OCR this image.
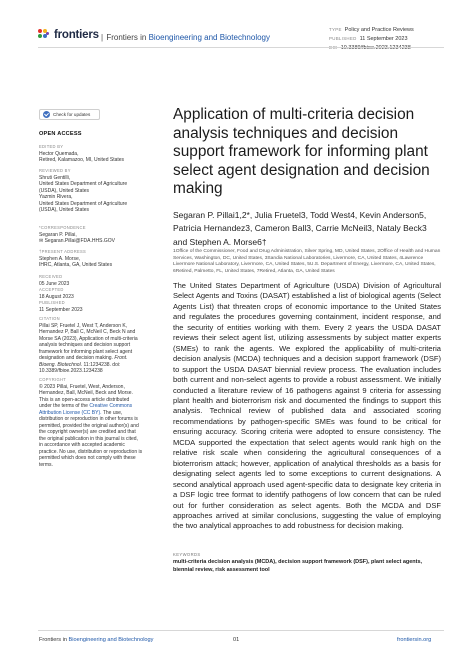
frontiers | Frontiers in Bioengineering and Biotechnology
TYPE Policy and Practice Reviews
PUBLISHED 11 September 2023
Check for updates
OPEN ACCESS
EDITED BY
Hector Quemada,
Retired, Kalamazoo, MI, United States
REVIEWED BY
Shruti Gentilli,
United States Department of Agriculture
(USDA), United States
Yazmin Rivera,
United States Department of Agriculture
(USDA), United States
*CORRESPONDENCE
Segaran P. Pillai,
✉ Segaran.Pillai@FDA.HHS.GOV
†PRESENT ADDRESS
Stephen A. Morse,
IHRC, Atlanta, GA, United States
RECEIVED
05 June 2023
ACCEPTED
18 August 2023
PUBLISHED
11 September 2023
CITATION
Pillai SP, Fruetel J, West T, Anderson K, Hernandez P, Ball C, McNeil C, Beck N and Morse SA (2023), Application of multi-criteria analysis techniques and decision support framework for informing plant select agent designation and decision making. Front. Bioeng. Biotechnol. 11:1234238. doi: 10.3389/fbioe.2023.1234238
COPYRIGHT
© 2023 Pillai, Fruetel, West, Anderson, Hernandez, Ball, McNeil, Beck and Morse. This is an open-access article distributed under the terms of the Creative Commons Attribution License (CC BY). The use, distribution or reproduction in other forums is permitted, provided the original author(s) and the copyright owner(s) are credited and that the original publication in this journal is cited, in accordance with accepted academic practice. No use, distribution or reproduction is permitted which does not comply with these terms.
Application of multi-criteria decision analysis techniques and decision support framework for informing plant select agent designation and decision making
Segaran P. Pillai1,2*, Julia Fruetel3, Todd West4, Kevin Anderson5, Patricia Hernandez3, Cameron Ball3, Carrie McNeil3, Nataly Beck3 and Stephen A. Morse6†
1Office of the Commissioner, Food and Drug Administration, Silver Spring, MD, United States, 2Office of Health and Human Services, Washington, DC, United States, 3Sandia National Laboratories, Livermore, CA, United States, 4Lawrence Livermore National Laboratory, Livermore, CA, United States, 5U.S. Department of Energy, Livermore, CA, United States, 6Retired, Palmetto, FL, United States, 7Retired, Atlanta, GA, United States
The United States Department of Agriculture (USDA) Division of Agricultural Select Agents and Toxins (DASAT) established a list of biological agents (Select Agents List) that threaten crops of economic importance to the United States and regulates the procedures governing containment, incident response, and the security of entities working with them. Every 2 years the USDA DASAT reviews their select agent list, utilizing assessments by subject matter experts (SMEs) to rank the agents. We explored the applicability of multi-criteria decision analysis (MCDA) techniques and a decision support framework (DSF) to support the USDA DASAT biennial review process. The evaluation includes both current and non-select agents to provide a robust assessment. We initially conducted a literature review of 16 pathogens against 9 criteria for assessing plant health and bioterrorism risk and documented the findings to support this analysis. Technical review of published data and associated scoring recommendations by pathogen-specific SMEs was found to be critical for ensuring accuracy. Scoring criteria were adopted to ensure consistency. The MCDA supported the expectation that select agents would rank high on the relative risk scale when considering the agricultural consequences of a bioterrorism attack; however, application of analytical thresholds as a basis for designating select agents led to some exceptions to current designations. A second analytical approach used agent-specific data to designate key criteria in a DSF logic tree format to identify pathogens of low concern that can be ruled out for further consideration as select agents. Both the MCDA and DSF approaches arrived at similar conclusions, suggesting the value of employing the two analytical approaches to add robustness for decision making.
KEYWORDS
multi-criteria decision analysis (MCDA), decision support framework (DSF), plant select agents, biennial review, risk assessment tool
Frontiers in Bioengineering and Biotechnology	01	frontiersin.org
